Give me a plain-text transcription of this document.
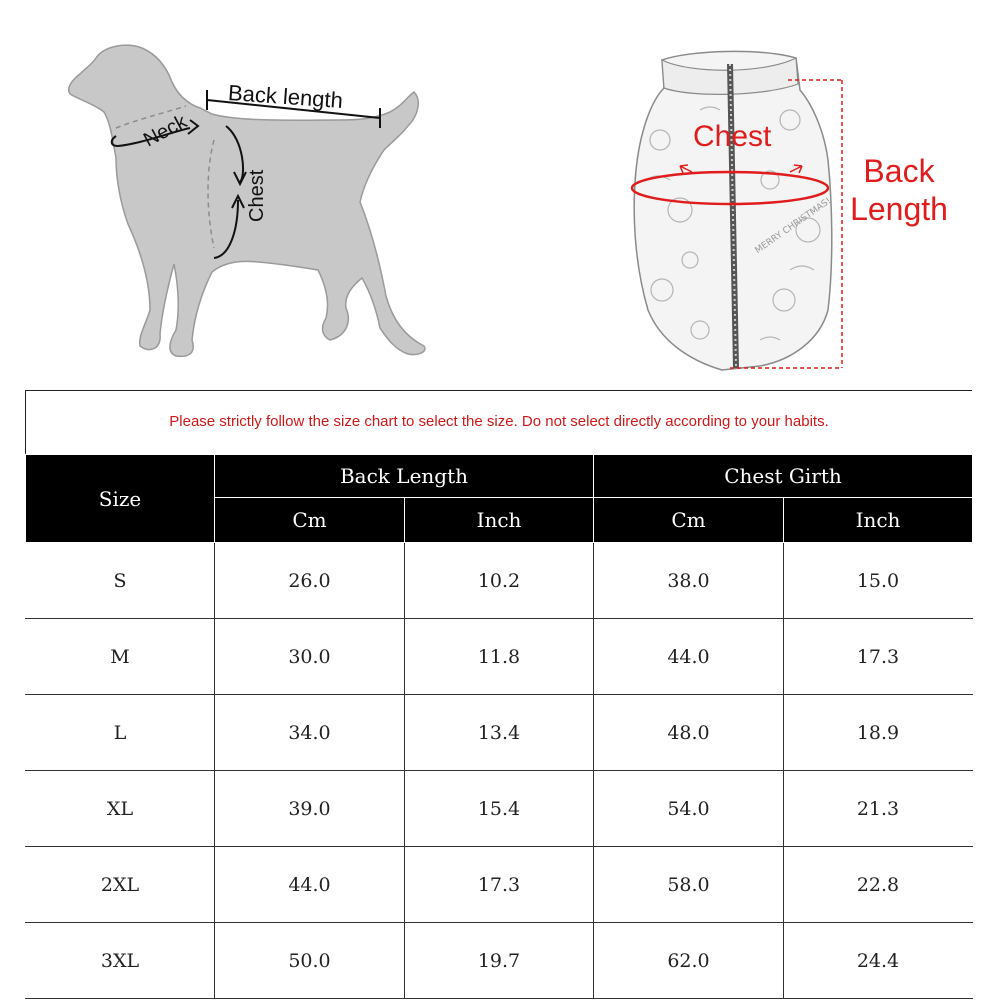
Back length
Neck
Chest
MERRY CHRISTMAS!
Chest
Back Length
Please strictly follow the size chart to select the size. Do not select directly according to your habits.
Size	Back Length		Chest Girth	
	Cm	Inch	Cm	Inch
S	26.0	10.2	38.0	15.0
M	30.0	11.8	44.0	17.3
L	34.0	13.4	48.0	18.9
XL	39.0	15.4	54.0	21.3
2XL	44.0	17.3	58.0	22.8
3XL	50.0	19.7	62.0	24.4
